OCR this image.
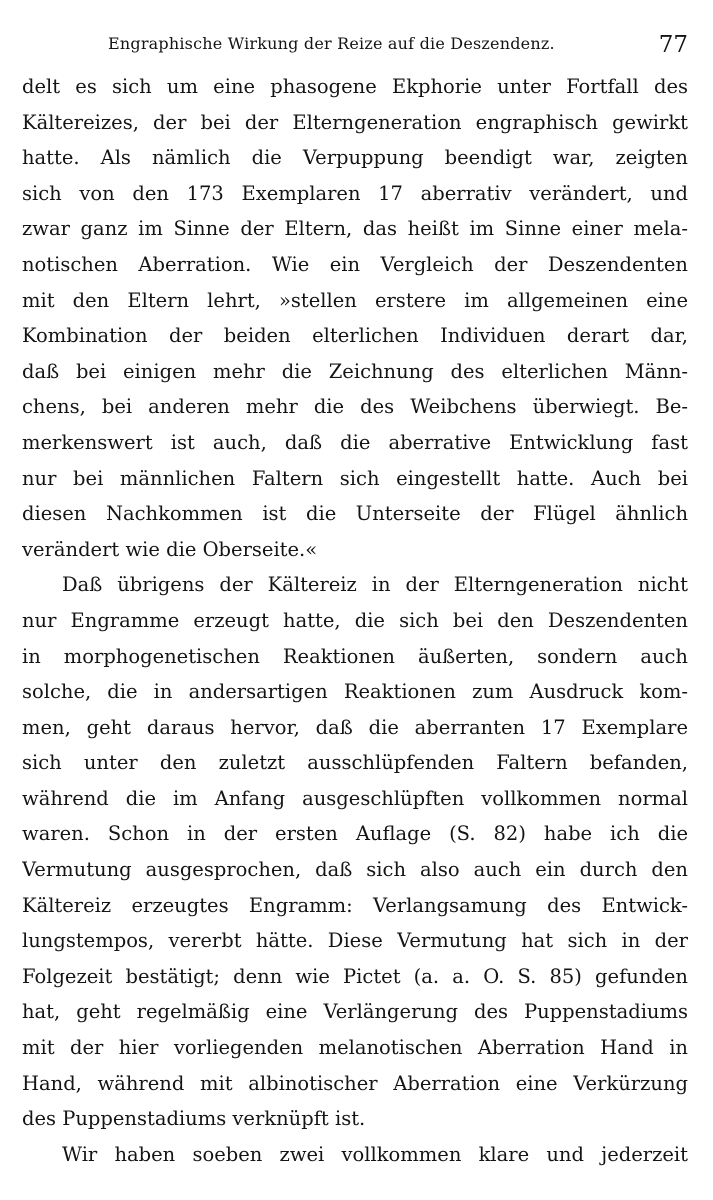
Engraphische Wirkung der Reize auf die Deszendenz.	77
delt es sich um eine phasogene Ekphorie unter Fortfall des
Kältereizes, der bei der Elterngeneration engraphisch gewirkt
hatte. Als nämlich die Verpuppung beendigt war, zeigten
sich von den 173 Exemplaren 17 aberrativ verändert, und
zwar ganz im Sinne der Eltern, das heißt im Sinne einer mela-
notischen Aberration. Wie ein Vergleich der Deszendenten
mit den Eltern lehrt, »stellen erstere im allgemeinen eine
Kombination der beiden elterlichen Individuen derart dar,
daß bei einigen mehr die Zeichnung des elterlichen Männ-
chens, bei anderen mehr die des Weibchens überwiegt. Be-
merkenswert ist auch, daß die aberrative Entwicklung fast
nur bei männlichen Faltern sich eingestellt hatte. Auch bei
diesen Nachkommen ist die Unterseite der Flügel ähnlich
verändert wie die Oberseite.«
Daß übrigens der Kältereiz in der Elterngeneration nicht
nur Engramme erzeugt hatte, die sich bei den Deszendenten
in morphogenetischen Reaktionen äußerten, sondern auch
solche, die in andersartigen Reaktionen zum Ausdruck kom-
men, geht daraus hervor, daß die aberranten 17 Exemplare
sich unter den zuletzt ausschlüpfenden Faltern befanden,
während die im Anfang ausgeschlüpften vollkommen normal
waren. Schon in der ersten Auflage (S. 82) habe ich die
Vermutung ausgesprochen, daß sich also auch ein durch den
Kältereiz erzeugtes Engramm: Verlangsamung des Entwick-
lungstempos, vererbt hätte. Diese Vermutung hat sich in der
Folgezeit bestätigt; denn wie Pictet (a. a. O. S. 85) gefunden
hat, geht regelmäßig eine Verlängerung des Puppenstadiums
mit der hier vorliegenden melanotischen Aberration Hand in
Hand, während mit albinotischer Aberration eine Verkürzung
des Puppenstadiums verknüpft ist.
Wir haben soeben zwei vollkommen klare und jederzeit
